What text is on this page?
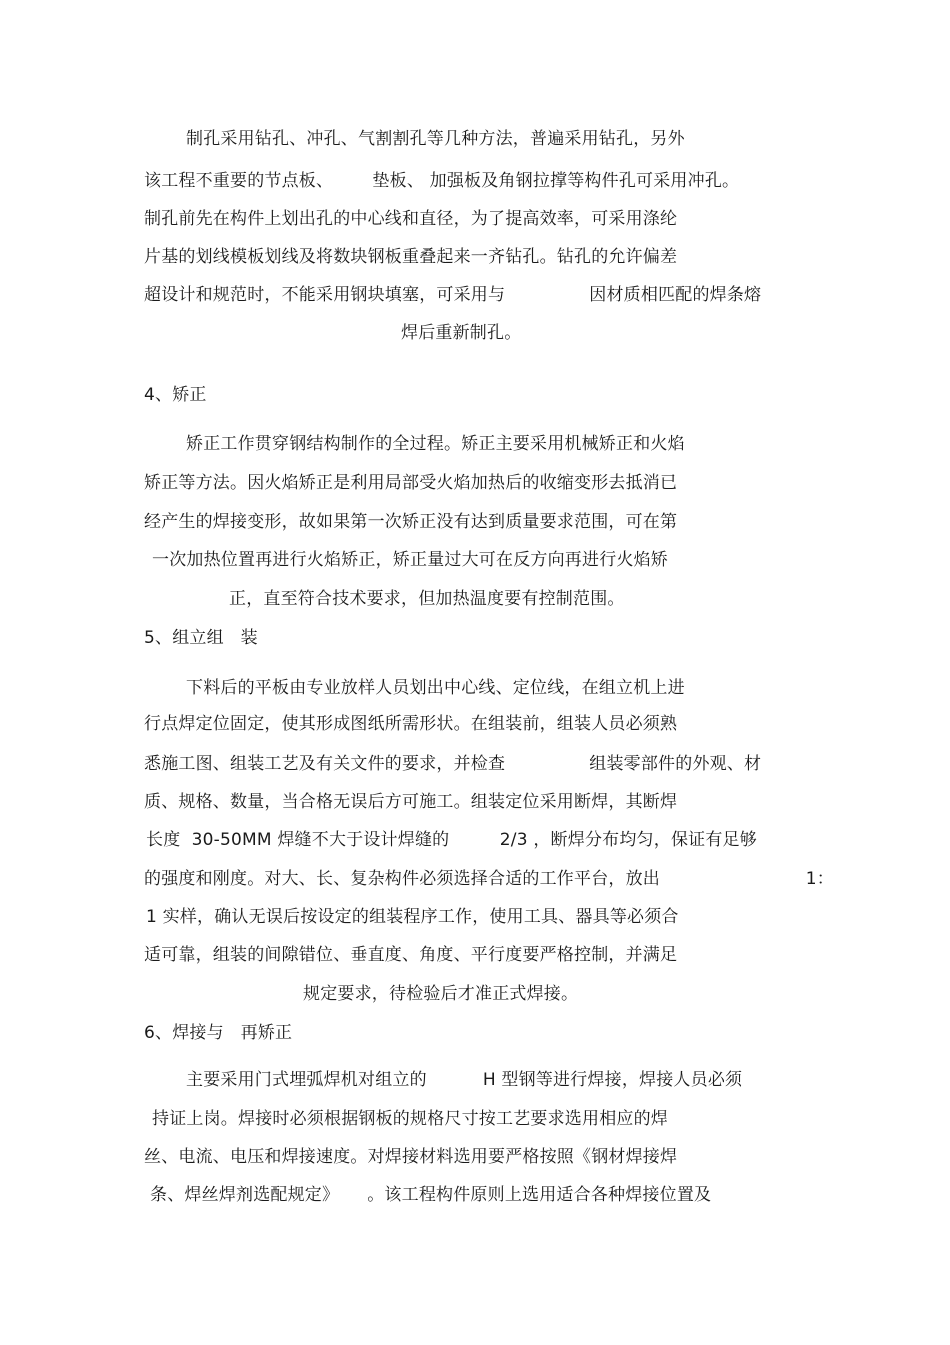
制孔采用钻孔、冲孔、气割割孔等几种方法，普遍采用钻孔，另外
该工程不重要的节点板、       垫板、 加强板及角钢拉撑等构件孔可采用冲孔。
制孔前先在构件上划出孔的中心线和直径，为了提高效率，可采用涤纶
片基的划线模板划线及将数块钢板重叠起来一齐钻孔。钻孔的允许偏差
超设计和规范时，不能采用钢块填塞，可采用与               因材质相匹配的焊条熔
焊后重新制孔。
4、矫正
矫正工作贯穿钢结构制作的全过程。矫正主要采用机械矫正和火焰
矫正等方法。因火焰矫正是利用局部受火焰加热后的收缩变形去抵消已
经产生的焊接变形，故如果第一次矫正没有达到质量要求范围，可在第
一次加热位置再进行火焰矫正，矫正量过大可在反方向再进行火焰矫
正，直至符合技术要求，但加热温度要有控制范围。
5、组立组   装
下料后的平板由专业放样人员划出中心线、定位线，在组立机上进
行点焊定位固定，使其形成图纸所需形状。在组装前，组装人员必须熟
悉施工图、组装工艺及有关文件的要求，并检查               组装零部件的外观、材
质、规格、数量，当合格无误后方可施工。组装定位采用断焊，其断焊
长度  30-50MM 焊缝不大于设计焊缝的         2/3 ，断焊分布均匀，保证有足够
的强度和刚度。对大、长、复杂构件必须选择合适的工作平台，放出                          1：
1 实样，确认无误后按设定的组装程序工作，使用工具、器具等必须合
适可靠，组装的间隙错位、垂直度、角度、平行度要严格控制，并满足
规定要求，待检验后才准正式焊接。
6、焊接与   再矫正
主要采用门式埋弧焊机对组立的          H 型钢等进行焊接，焊接人员必须
持证上岗。焊接时必须根据钢板的规格尺寸按工艺要求选用相应的焊
丝、电流、电压和焊接速度。对焊接材料选用要严格按照《钢材焊接焊
条、焊丝焊剂选配规定》     。该工程构件原则上选用适合各种焊接位置及
